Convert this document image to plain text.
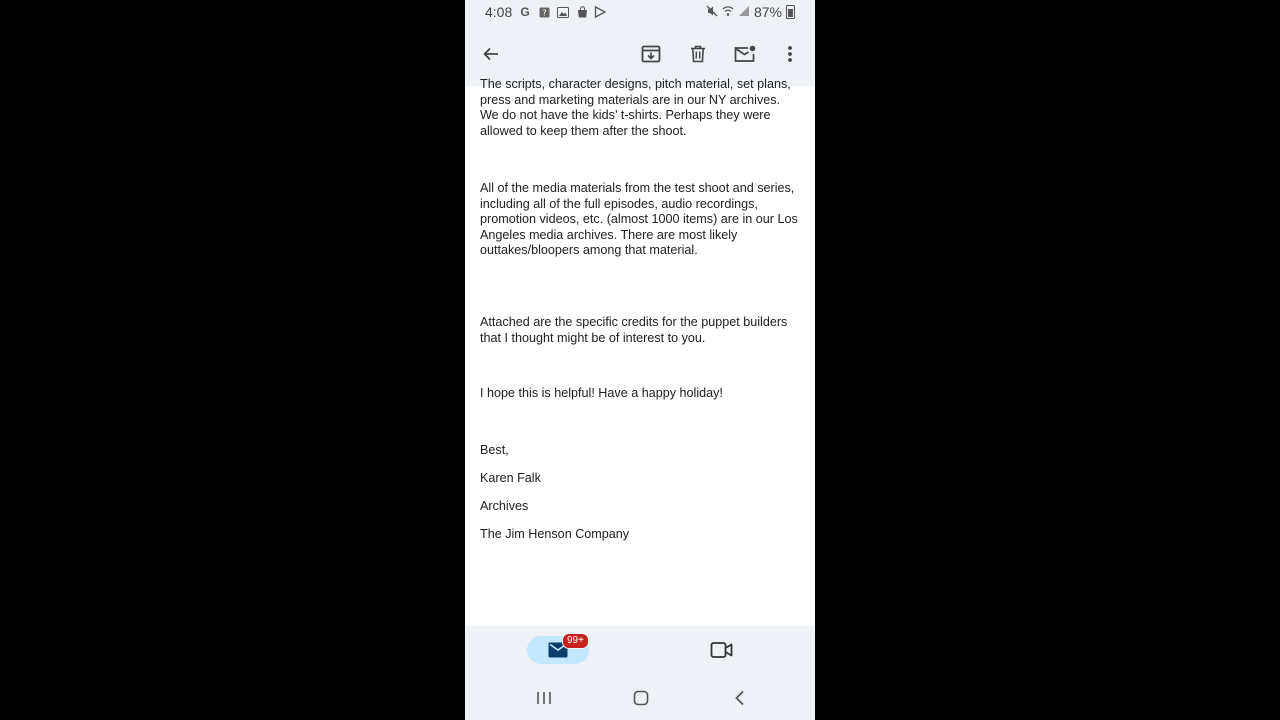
4:08 G ?	87%

The scripts, character designs, pitch material, set plans, press and marketing materials are in our NY archives. We do not have the kids’ t-shirts. Perhaps they were allowed to keep them after the shoot.

All of the media materials from the test shoot and series, including all of the full episodes, audio recordings, promotion videos, etc. (almost 1000 items) are in our Los Angeles media archives. There are most likely outtakes/bloopers among that material.

Attached are the specific credits for the puppet builders that I thought might be of interest to you.

I hope this is helpful! Have a happy holiday!

Best,

Karen Falk

Archives

The Jim Henson Company

99+
